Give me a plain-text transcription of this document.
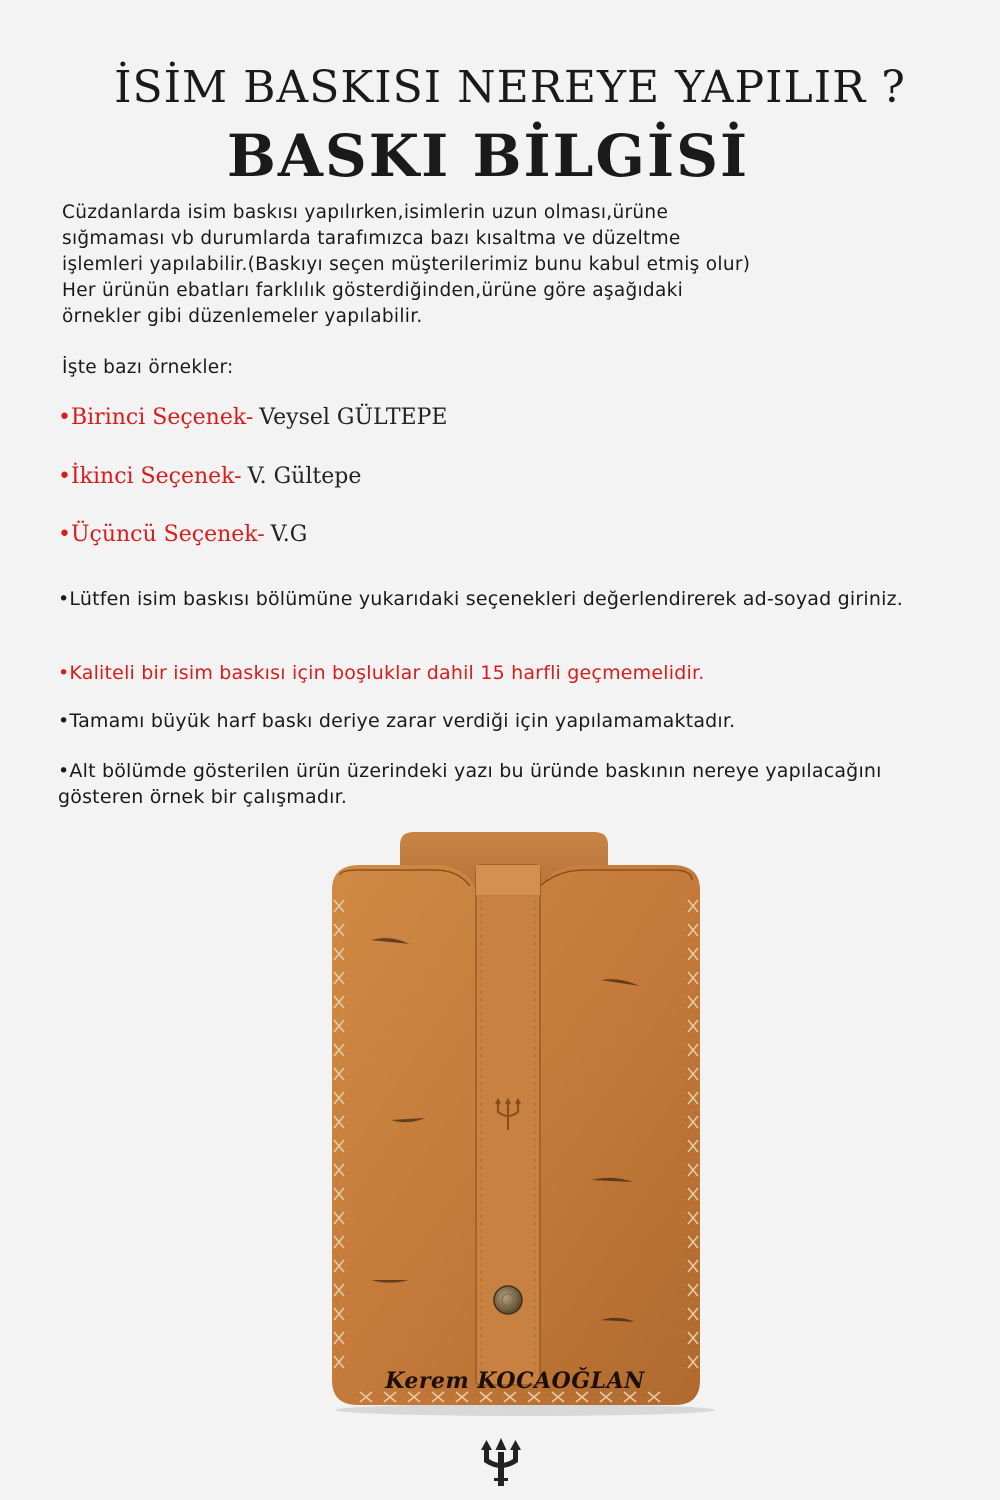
İSİM BASKISI NEREYE YAPILIR ?
BASKI BİLGİSİ
Cüzdanlarda isim baskısı yapılırken,isimlerin uzun olması,ürüne
sığmaması vb durumlarda tarafımızca bazı kısaltma ve düzeltme
işlemleri yapılabilir.(Baskıyı seçen müşterilerimiz bunu kabul etmiş olur)
Her ürünün ebatları farklılık gösterdiğinden,ürüne göre aşağıdaki
örnekler gibi düzenlemeler yapılabilir.
İşte bazı örnekler:
•Birinci Seçenek- Veysel GÜLTEPE
•İkinci Seçenek- V. Gültepe
•Üçüncü Seçenek- V.G
•Lütfen isim baskısı bölümüne yukarıdaki seçenekleri değerlendirerek ad-soyad giriniz.
•Kaliteli bir isim baskısı için boşluklar dahil 15 harfli geçmemelidir.
•Tamamı büyük harf baskı deriye zarar verdiği için yapılamamaktadır.
•Alt bölümde gösterilen ürün üzerindeki yazı bu üründe baskının nereye yapılacağını gösteren örnek bir çalışmadır.
Kerem KOCAOĞLAN
